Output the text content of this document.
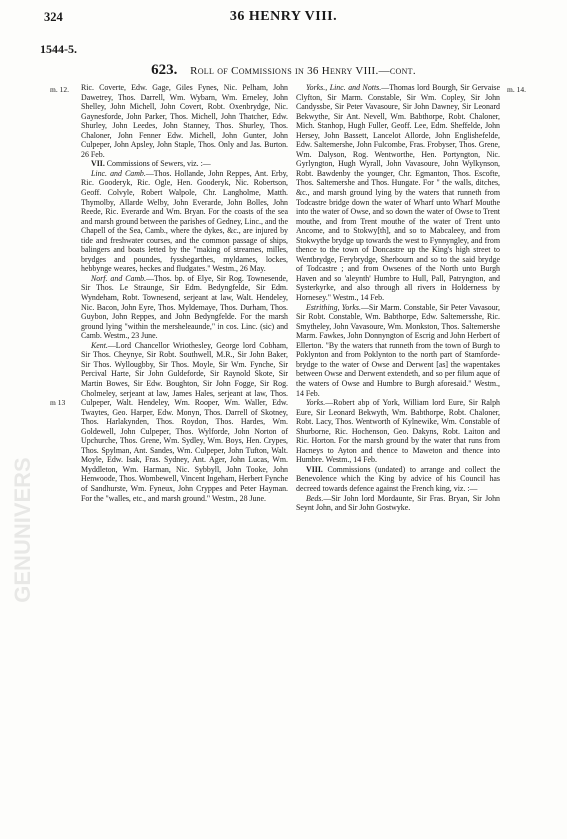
GENUNIVERS
324	36 HENRY VIII.
1544-5.
623. Roll of Commissions in 36 Henry VIII.—cont.
m. 12.
m 13
m. 14.

Ric. Coverte, Edw. Gage, Giles Fynes, Nic. Pelham, John Dawetrey, Thos. Darrell, Wm. Wybarn, Wm. Erneley, John Shelley, John Michell, John Covert, Robt. Oxenbrydge, Nic. Gaynesforde, John Parker, Thos. Michell, John Thatcher, Edw. Shurley, John Leedes, John Stanney, Thos. Shurley, Thos. Chaloner, John Fenner Edw. Michell, John Gunter, John Culpeper, John Apsley, John Staple, Thos. Only and Jas. Burton. 26 Feb.

VII. Commissions of Sewers, viz. :—

Linc. and Camb.—Thos. Hollande, John Reppes, Ant. Erby, Ric. Gooderyk, Ric. Ogle, Hen. Gooderyk, Nic. Robertson, Geoff. Colvyle, Robert Walpole, Chr. Langholme, Matth. Thymolby, Allarde Welby, John Everarde, John Bolles, John Reede, Ric. Everarde and Wm. Bryan. For the coasts of the sea and marsh ground between the parishes of Gedney, Linc., and the Chapell of the Sea, Camb., where the dykes, &c., are injured by tide and freshwater courses, and the common passage of ships, balingers and boats letted by the "making of streames, milles, brydges and poundes, fysshegarthes, myldames, lockes, hebbynge weares, heckes and fludgates." Westm., 26 May.

Norf. and Camb.—Thos. bp. of Elye, Sir Rog. Townesende, Sir Thos. Le Straunge, Sir Edm. Bedyngfelde, Sir Edm. Wyndeham, Robt. Townesend, serjeant at law, Walt. Hendeley, Nic. Bacon, John Eyre, Thos. Myldemaye, Thos. Durham, Thos. Guybon, John Reppes, and John Bedyngfelde. For the marsh ground lying "within the mersheleaunde," in cos. Linc. (sic) and Camb. Westm., 23 June.

Kent.—Lord Chancellor Wriothesley, George lord Cobham, Sir Thos. Cheynye, Sir Robt. Southwell, M.R., Sir John Baker, Sir Thos. Wyllougbby, Sir Thos. Moyle, Sir Wm. Fynche, Sir Percival Harte, Sir John Guldeforde, Sir Raynold Skote, Sir Martin Bowes, Sir Edw. Boughton, Sir John Fogge, Sir Rog. Cholmeley, serjeant at law, James Hales, serjeant at law, Thos. Culpeper, Walt. Hendeley, Wm. Rooper, Wm. Waller, Edw. Twaytes, Geo. Harper, Edw. Monyn, Thos. Darrell of Skotney, Thos. Harlakynden, Thos. Roydon, Thos. Hardes, Wm. Goldewell, John Culpeper, Thos. Wylforde, John Norton of Upchurche, Thos. Grene, Wm. Sydley, Wm. Boys, Hen. Crypes, Thos. Spylman, Ant. Sandes, Wm. Culpeper, John Tufton, Walt. Moyle, Edw. Isak, Fras. Sydney, Ant. Ager, John Lucas, Wm. Myddleton, Wm. Harman, Nic. Sybbyll, John Tooke, John Henwoode, Thos. Wombewell, Vincent Ingeham, Herbert Fynche of Sandhurste, Wm. Fyneux, John Cryppes and Peter Hayman. For the "walles, etc., and marsh ground." Westm., 28 June.

Yorks., Linc. and Notts.—Thomas lord Bourgh, Sir Gervaise Clyfton, Sir Marm. Constable, Sir Wm. Copley, Sir John Candyssbe, Sir Peter Vavasoure, Sir John Dawney, Sir Leonard Bekwythe, Sir Ant. Nevell, Wm. Babthorpe, Robt. Chaloner, Mich. Stanhop, Hugh Fuller, Geoff. Lee, Edm. Sheffelde, John Hersey, John Bassett, Lancelot Allorde, John Englishefelde, Edw. Saltemershe, John Fulcombe, Fras. Frobyser, Thos. Grene, Wm. Dalyson, Rog. Wentworthe, Hen. Portyngton, Nic. Gyrlyngton, Hugh Wyrall, John Vavasoure, John Wylkynson, Robt. Bawdenby the younger, Chr. Egmanton, Thos. Escofte, Thos. Saltemershe and Thos. Hungate. For " the walls, ditches, &c., and marsh ground lying by the waters that runneth from Todcastre bridge down the water of Wharf unto Wharf Mouthe into the water of Owse, and so down the water of Owse to Trent mouthe, and from Trent mouthe of the water of Trent unto Ancome, and to Stokwy[th], and so to Mabcaleey, and from Stokwythe brydge up towards the west to Fynnyngley, and from thence to the town of Doncastre up the King's high street to Wentbrydge, Ferybrydge, Sherbourn and so to the said brydge of Todcastre ; and from Owsenes of the North unto Burgh Haven and so 'aleynth' Humbre to Hull, Pall, Patryngton, and Systerkyrke, and also through all rivers in Holderness by Hornesey." Westm., 14 Feb.

Estrithing, Yorks.—Sir Marm. Constable, Sir Peter Vavasour, Sir Robt. Constable, Wm. Babthorpe, Edw. Saltemersshe, Ric. Smytheley, John Vavasoure, Wm. Monkston, Thos. Saltemershe Marm. Fawkes, John Donnyngton of Escrig and John Herbert of Ellerton. "By the waters that runneth from the town of Burgh to Poklynton and from Poklynton to the north part of Stamforde-brydge to the water of Owse and Derwent [as] the wapentakes between Owse and Derwent extendeth, and so per filum aque of the waters of Owse and Humbre to Burgh aforesaid." Westm., 14 Feb.

Yorks.—Robert abp of York, William lord Eure, Sir Ralph Eure, Sir Leonard Bekwyth, Wm. Babthorpe, Robt. Chaloner, Robt. Lacy, Thos. Wentworth of Kylnewike, Wm. Constable of Shurborne, Ric. Hochenson, Geo. Dakyns, Robt. Laiton and Ric. Horton. For the marsh ground by the water that runs from Hacneys to Ayton and thence to Maweton and thence into Humbre. Westm., 14 Feb.

VIII. Commissions (undated) to arrange and collect the Benevolence which the King by advice of his Council has decreed towards defence against the French king, viz. :—

Beds.—Sir John lord Mordaunte, Sir Fras. Bryan, Sir John Seynt John, and Sir John Gostwyke.
